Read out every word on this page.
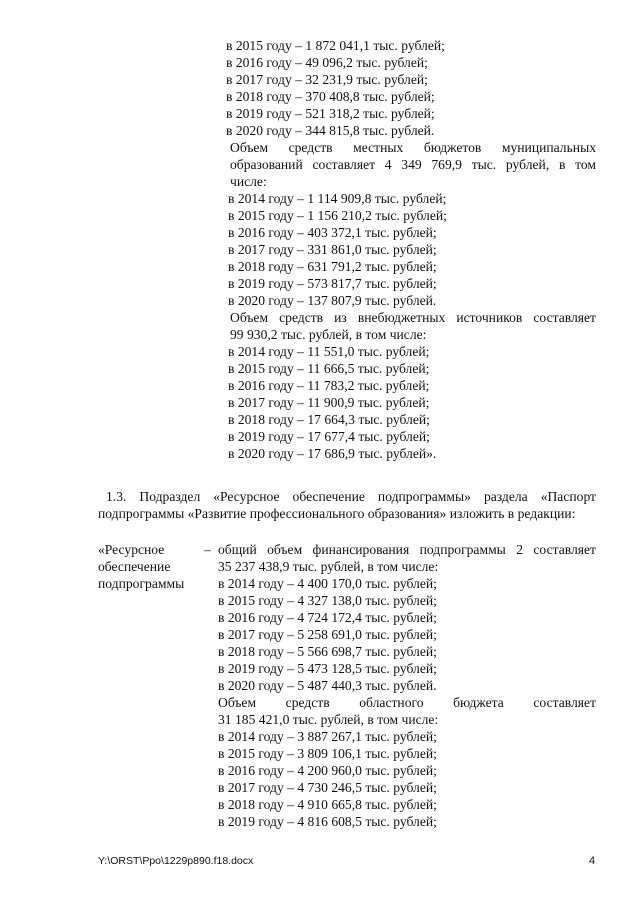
в 2015 году – 1 872 041,1 тыс. рублей;
в 2016 году – 49 096,2 тыс. рублей;
в 2017 году – 32 231,9 тыс. рублей;
в 2018 году – 370 408,8 тыс. рублей;
в 2019 году – 521 318,2 тыс. рублей;
в 2020 году – 344 815,8 тыс. рублей.
Объем средств местных бюджетов муниципальных
образований составляет 4 349 769,9 тыс. рублей, в том
числе:
в 2014 году – 1 114 909,8 тыс. рублей;
в 2015 году – 1 156 210,2 тыс. рублей;
в 2016 году – 403 372,1 тыс. рублей;
в 2017 году – 331 861,0 тыс. рублей;
в 2018 году – 631 791,2 тыс. рублей;
в 2019 году – 573 817,7 тыс. рублей;
в 2020 году – 137 807,9 тыс. рублей.
Объем средств из внебюджетных источников составляет
99 930,2 тыс. рублей, в том числе:
в 2014 году – 11 551,0 тыс. рублей;
в 2015 году – 11 666,5 тыс. рублей;
в 2016 году – 11 783,2 тыс. рублей;
в 2017 году – 11 900,9 тыс. рублей;
в 2018 году – 17 664,3 тыс. рублей;
в 2019 году – 17 677,4 тыс. рублей;
в 2020 году – 17 686,9 тыс. рублей».
1.3. Подраздел «Ресурсное обеспечение подпрограммы» раздела «Паспорт
подпрограммы «Развитие профессионального образования» изложить в редакции:
«Ресурсное
обеспечение
подпрограммы
– общий объем финансирования подпрограммы 2 составляет
35 237 438,9 тыс. рублей, в том числе:
в 2014 году – 4 400 170,0 тыс. рублей;
в 2015 году – 4 327 138,0 тыс. рублей;
в 2016 году – 4 724 172,4 тыс. рублей;
в 2017 году – 5 258 691,0 тыс. рублей;
в 2018 году – 5 566 698,7 тыс. рублей;
в 2019 году – 5 473 128,5 тыс. рублей;
в 2020 году – 5 487 440,3 тыс. рублей.
Объем средств областного бюджета составляет
31 185 421,0 тыс. рублей, в том числе:
в 2014 году – 3 887 267,1 тыс. рублей;
в 2015 году – 3 809 106,1 тыс. рублей;
в 2016 году – 4 200 960,0 тыс. рублей;
в 2017 году – 4 730 246,5 тыс. рублей;
в 2018 году – 4 910 665,8 тыс. рублей;
в 2019 году – 4 816 608,5 тыс. рублей;
Y:\ORST\Ppo\1229p890.f18.docx	4
